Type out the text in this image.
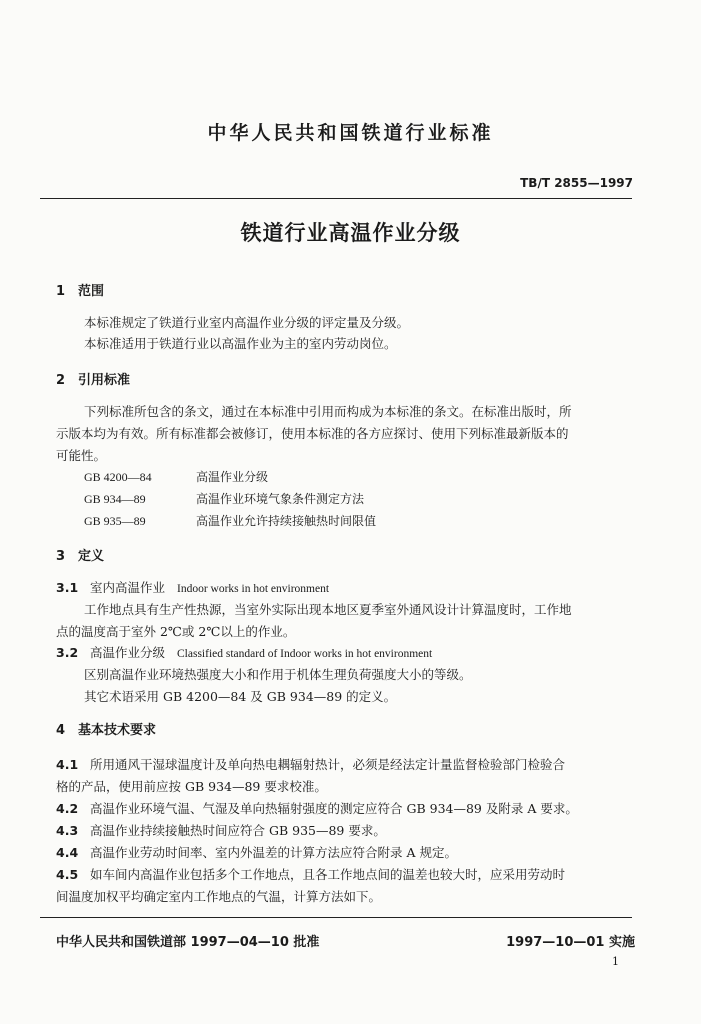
中华人民共和国铁道行业标准
TB/T 2855—1997
铁道行业高温作业分级
1 范围
本标准规定了铁道行业室内高温作业分级的评定量及分级。
本标准适用于铁道行业以高温作业为主的室内劳动岗位。
2 引用标准
下列标准所包含的条文，通过在本标准中引用而构成为本标准的条文。在标准出版时，所
示版本均为有效。所有标准都会被修订，使用本标准的各方应探讨、使用下列标准最新版本的
可能性。
GB 4200—84	高温作业分级
GB 934—89	高温作业环境气象条件测定方法
GB 935—89	高温作业允许持续接触热时间限值
3 定义
3.1 室内高温作业 Indoor works in hot environment
工作地点具有生产性热源，当室外实际出现本地区夏季室外通风设计计算温度时，工作地
点的温度高于室外 2℃或 2℃以上的作业。
3.2 高温作业分级 Classified standard of Indoor works in hot environment
区别高温作业环境热强度大小和作用于机体生理负荷强度大小的等级。
其它术语采用 GB 4200—84 及 GB 934—89 的定义。
4 基本技术要求
4.1 所用通风干湿球温度计及单向热电耦辐射热计，必须是经法定计量监督检验部门检验合
格的产品，使用前应按 GB 934—89 要求校准。
4.2 高温作业环境气温、气湿及单向热辐射强度的测定应符合 GB 934—89 及附录 A 要求。
4.3 高温作业持续接触热时间应符合 GB 935—89 要求。
4.4 高温作业劳动时间率、室内外温差的计算方法应符合附录 A 规定。
4.5 如车间内高温作业包括多个工作地点，且各工作地点间的温差也较大时，应采用劳动时
间温度加权平均确定室内工作地点的气温，计算方法如下。
中华人民共和国铁道部 1997—04—10 批准	1997—10—01 实施
1
